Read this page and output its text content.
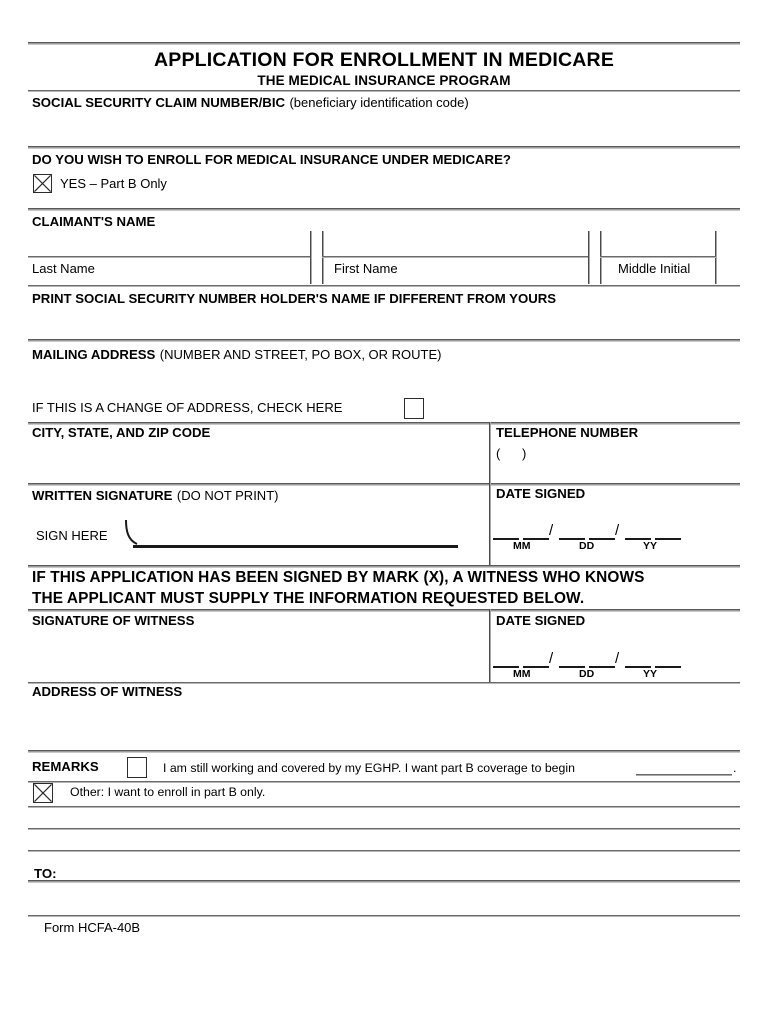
APPLICATION FOR ENROLLMENT IN MEDICARE
THE MEDICAL INSURANCE PROGRAM
SOCIAL SECURITY CLAIM NUMBER/BIC (beneficiary identification code)
DO YOU WISH TO ENROLL FOR MEDICAL INSURANCE UNDER MEDICARE?
YES – Part B Only
CLAIMANT'S NAME
Last Name	First Name	Middle Initial
PRINT SOCIAL SECURITY NUMBER HOLDER'S NAME IF DIFFERENT FROM YOURS
MAILING ADDRESS (NUMBER AND STREET, PO BOX, OR ROUTE)
IF THIS IS A CHANGE OF ADDRESS, CHECK HERE
CITY, STATE, AND ZIP CODE	TELEPHONE NUMBER
( )
WRITTEN SIGNATURE (DO NOT PRINT)
SIGN HERE
DATE SIGNED
/	/
MM	DD	YY
IF THIS APPLICATION HAS BEEN SIGNED BY MARK (X), A WITNESS WHO KNOWS
THE APPLICANT MUST SUPPLY THE INFORMATION REQUESTED BELOW.
SIGNATURE OF WITNESS	DATE SIGNED
/	/
MM	DD	YY
ADDRESS OF WITNESS
REMARKS	I am still working and covered by my EGHP. I want part B coverage to begin	.
Other: I want to enroll in part B only.
TO:
Form HCFA-40B
